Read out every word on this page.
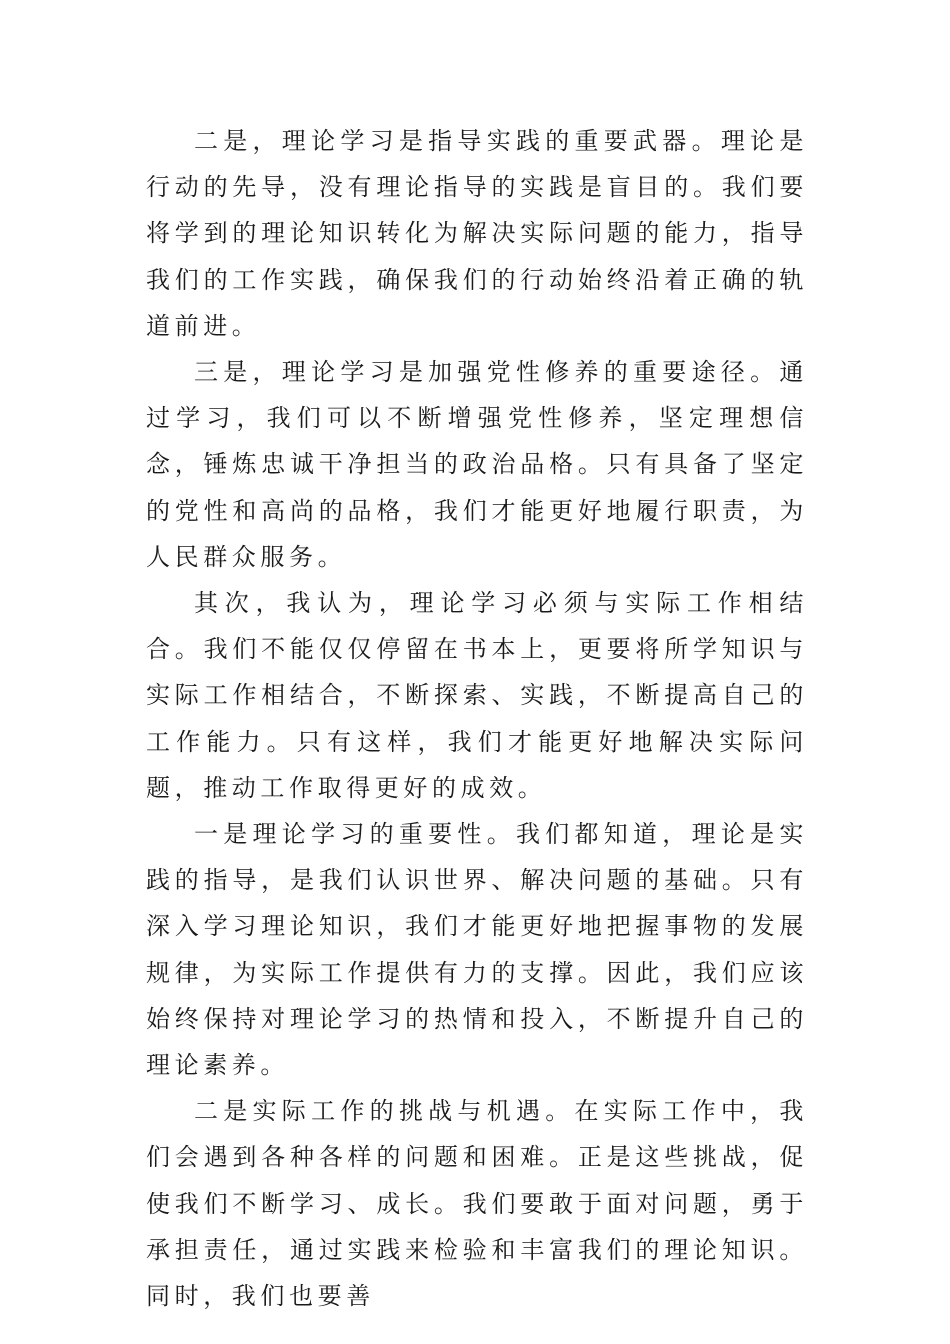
二是，理论学习是指导实践的重要武器。理论是行动的先导，没有理论指导的实践是盲目的。我们要将学到的理论知识转化为解决实际问题的能力，指导我们的工作实践，确保我们的行动始终沿着正确的轨道前进。

三是，理论学习是加强党性修养的重要途径。通过学习，我们可以不断增强党性修养，坚定理想信念，锤炼忠诚干净担当的政治品格。只有具备了坚定的党性和高尚的品格，我们才能更好地履行职责，为人民群众服务。

其次，我认为，理论学习必须与实际工作相结合。我们不能仅仅停留在书本上，更要将所学知识与实际工作相结合，不断探索、实践，不断提高自己的工作能力。只有这样，我们才能更好地解决实际问题，推动工作取得更好的成效。

一是理论学习的重要性。我们都知道，理论是实践的指导，是我们认识世界、解决问题的基础。只有深入学习理论知识，我们才能更好地把握事物的发展规律，为实际工作提供有力的支撑。因此，我们应该始终保持对理论学习的热情和投入，不断提升自己的理论素养。

二是实际工作的挑战与机遇。在实际工作中，我们会遇到各种各样的问题和困难。正是这些挑战，促使我们不断学习、成长。我们要敢于面对问题，勇于承担责任，通过实践来检验和丰富我们的理论知识。同时，我们也要善
